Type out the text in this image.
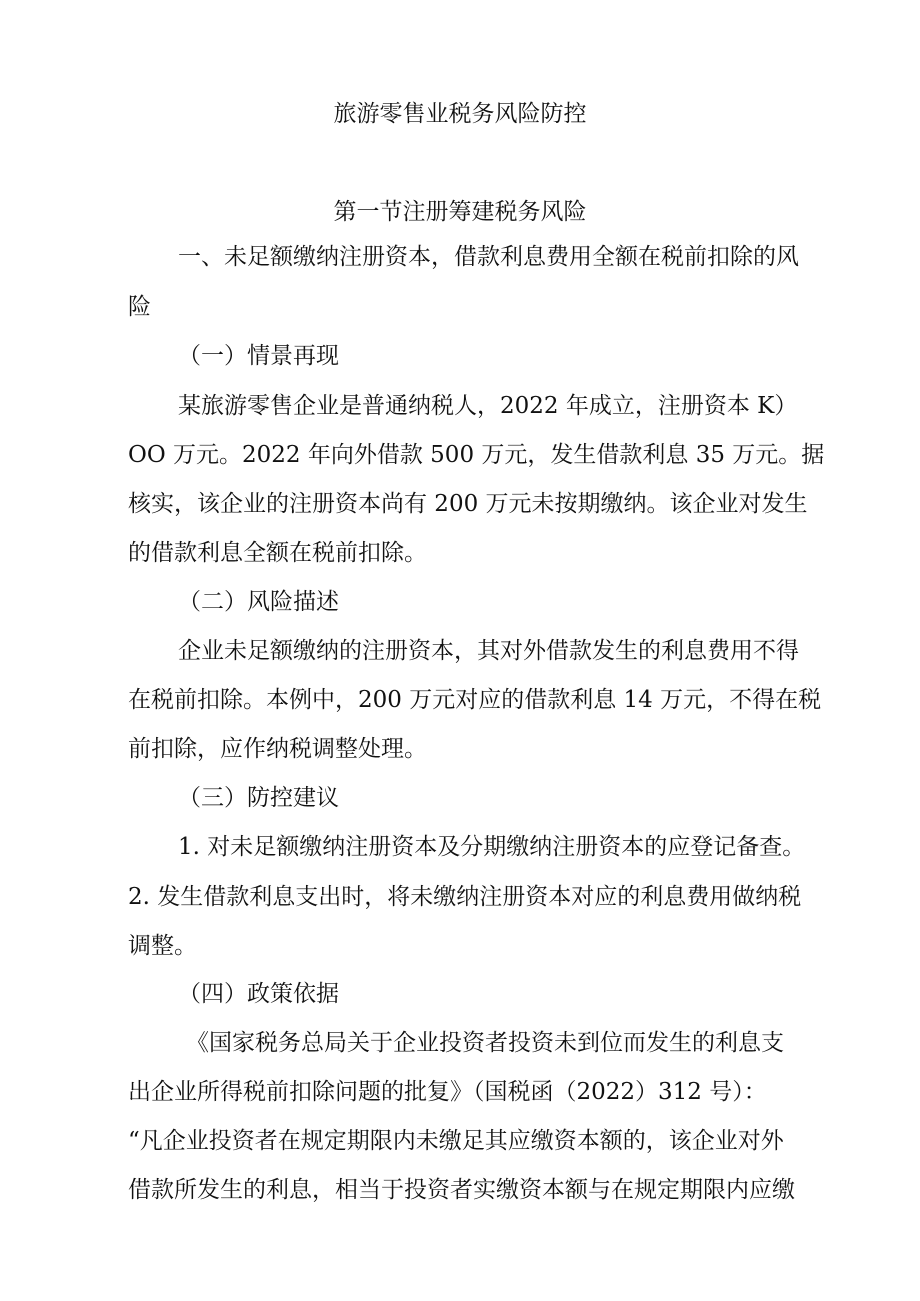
旅游零售业税务风险防控
第一节注册筹建税务风险
一、未足额缴纳注册资本，借款利息费用全额在税前扣除的风
险
（一）情景再现
某旅游零售企业是普通纳税人，2022 年成立，注册资本 K）
OO 万元。2022 年向外借款 500 万元，发生借款利息 35 万元。据
核实，该企业的注册资本尚有 200 万元未按期缴纳。该企业对发生
的借款利息全额在税前扣除。
（二）风险描述
企业未足额缴纳的注册资本，其对外借款发生的利息费用不得
在税前扣除。本例中，200 万元对应的借款利息 14 万元，不得在税
前扣除，应作纳税调整处理。
（三）防控建议
1. 对未足额缴纳注册资本及分期缴纳注册资本的应登记备查。
2. 发生借款利息支出时，将未缴纳注册资本对应的利息费用做纳税
调整。
（四）政策依据
《国家税务总局关于企业投资者投资未到位而发生的利息支
出企业所得税前扣除问题的批复》（国税函（2022）312 号）：
“凡企业投资者在规定期限内未缴足其应缴资本额的，该企业对外
借款所发生的利息，相当于投资者实缴资本额与在规定期限内应缴
